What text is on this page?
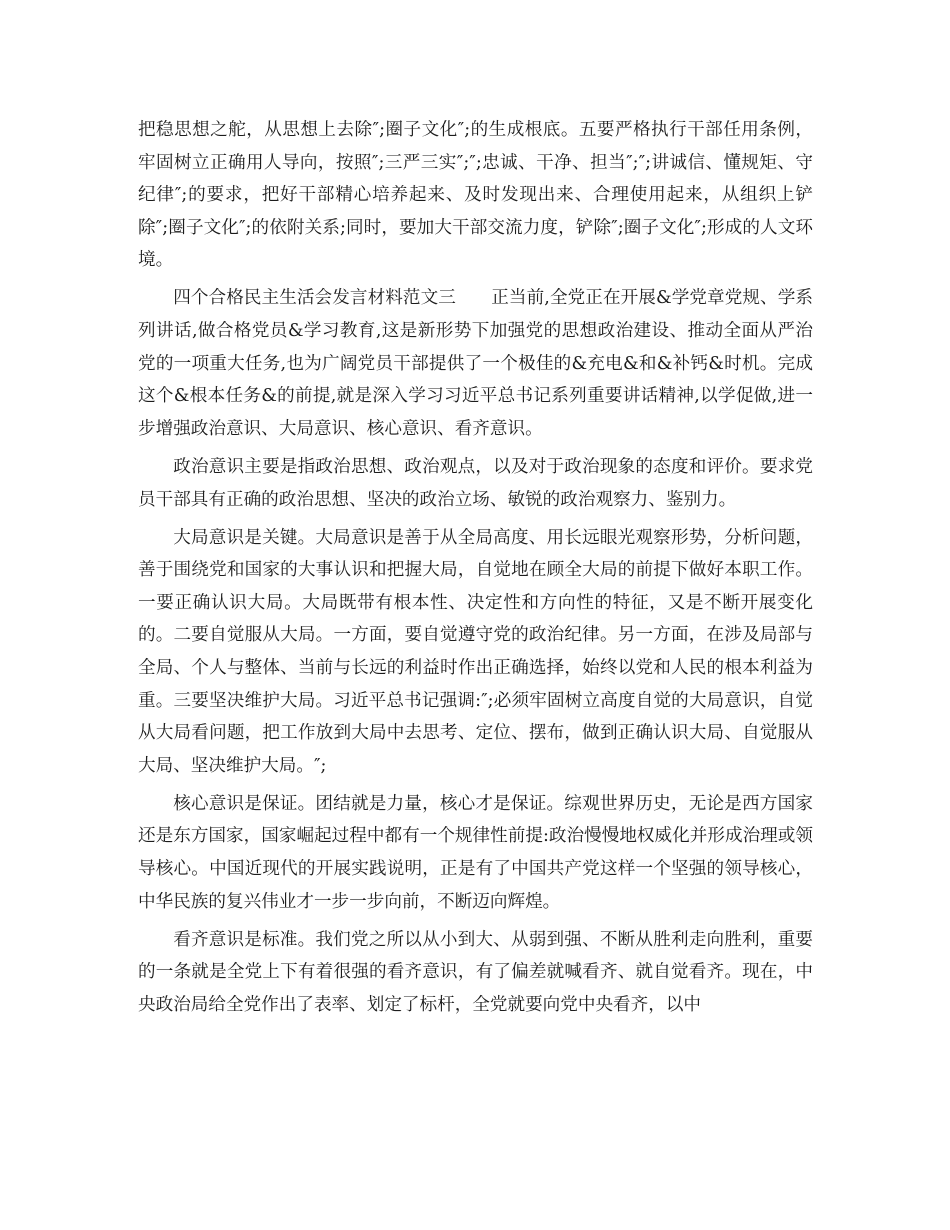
把稳思想之舵，从思想上去除″;圈子文化″;的生成根底。五要严格执行干部任用条例，牢固树立正确用人导向，按照″;三严三实″;″;忠诚、干净、担当″;″;讲诚信、懂规矩、守纪律″;的要求，把好干部精心培养起来、及时发现出来、合理使用起来，从组织上铲除″;圈子文化″;的依附关系;同时，要加大干部交流力度，铲除″;圈子文化″;形成的人文环境。

四个合格民主生活会发言材料范文三　　正当前,全党正在开展&学党章党规、学系列讲话,做合格党员&学习教育,这是新形势下加强党的思想政治建设、推动全面从严治党的一项重大任务,也为广阔党员干部提供了一个极佳的&充电&和&补钙&时机。完成这个&根本任务&的前提,就是深入学习习近平总书记系列重要讲话精神,以学促做,进一步增强政治意识、大局意识、核心意识、看齐意识。

政治意识主要是指政治思想、政治观点，以及对于政治现象的态度和评价。要求党员干部具有正确的政治思想、坚决的政治立场、敏锐的政治观察力、鉴别力。

大局意识是关键。大局意识是善于从全局高度、用长远眼光观察形势，分析问题，善于围绕党和国家的大事认识和把握大局，自觉地在顾全大局的前提下做好本职工作。一要正确认识大局。大局既带有根本性、决定性和方向性的特征，又是不断开展变化的。二要自觉服从大局。一方面，要自觉遵守党的政治纪律。另一方面，在涉及局部与全局、个人与整体、当前与长远的利益时作出正确选择，始终以党和人民的根本利益为重。三要坚决维护大局。习近平总书记强调:″;必须牢固树立高度自觉的大局意识，自觉从大局看问题，把工作放到大局中去思考、定位、摆布，做到正确认识大局、自觉服从大局、坚决维护大局。″;

核心意识是保证。团结就是力量，核心才是保证。综观世界历史，无论是西方国家还是东方国家，国家崛起过程中都有一个规律性前提:政治慢慢地权威化并形成治理或领导核心。中国近现代的开展实践说明，正是有了中国共产党这样一个坚强的领导核心，中华民族的复兴伟业才一步一步向前，不断迈向辉煌。

看齐意识是标准。我们党之所以从小到大、从弱到强、不断从胜利走向胜利，重要的一条就是全党上下有着很强的看齐意识，有了偏差就喊看齐、就自觉看齐。现在，中央政治局给全党作出了表率、划定了标杆，全党就要向党中央看齐，以中
